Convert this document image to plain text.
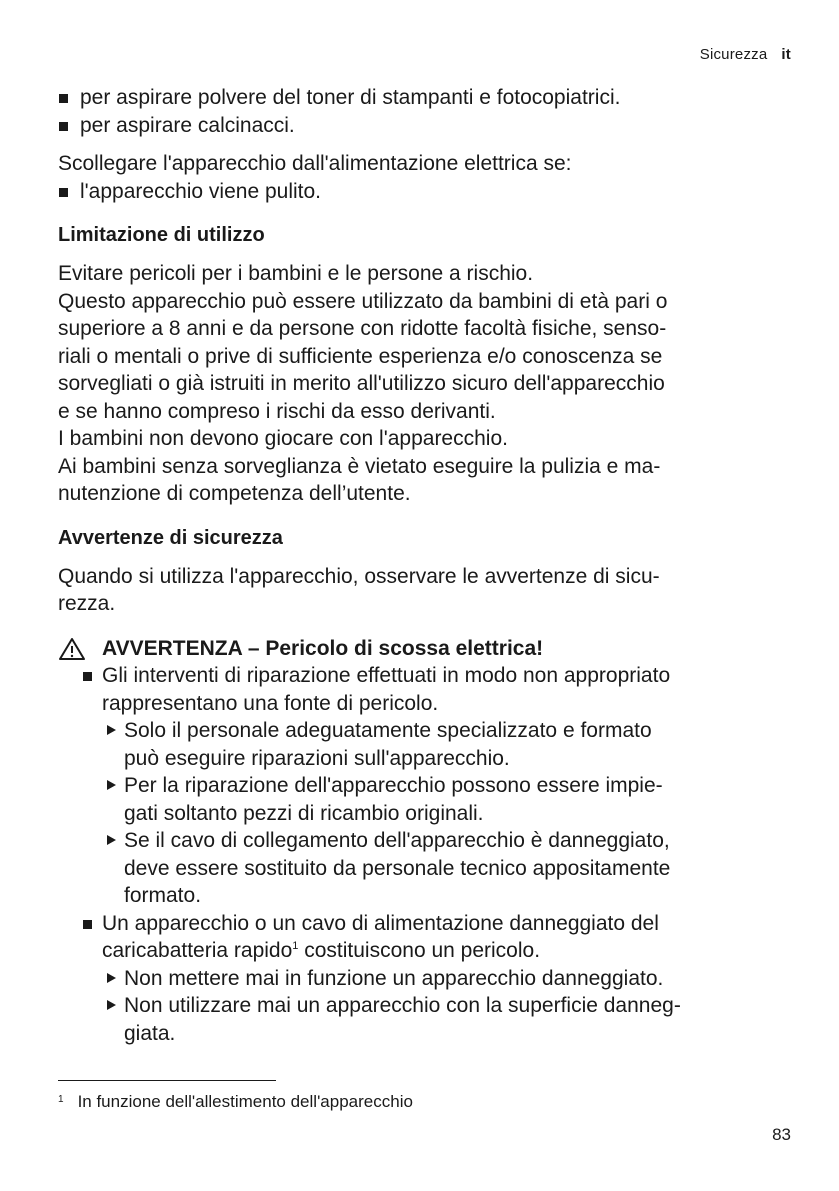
Sicurezza it
per aspirare polvere del toner di stampanti e fotocopiatrici.
per aspirare calcinacci.

Scollegare l'apparecchio dall'alimentazione elettrica se:

l'apparecchio viene pulito.
Limitazione di utilizzo
Evitare pericoli per i bambini e le persone a rischio.
Questo apparecchio può essere utilizzato da bambini di età pari o
superiore a 8 anni e da persone con ridotte facoltà fisiche, senso-
riali o mentali o prive di sufficiente esperienza e/o conoscenza se
sorvegliati o già istruiti in merito all'utilizzo sicuro dell'apparecchio
e se hanno compreso i rischi da esso derivanti.
I bambini non devono giocare con l'apparecchio.
Ai bambini senza sorveglianza è vietato eseguire la pulizia e ma-
nutenzione di competenza dell’utente.
Avvertenze di sicurezza
Quando si utilizza l'apparecchio, osservare le avvertenze di sicu-
rezza.
AVVERTENZA – Pericolo di scossa elettrica!
Gli interventi di riparazione effettuati in modo non appropriato
rappresentano una fonte di pericolo.
Solo il personale adeguatamente specializzato e formato
può eseguire riparazioni sull'apparecchio.
Per la riparazione dell'apparecchio possono essere impie-
gati soltanto pezzi di ricambio originali.
Se il cavo di collegamento dell'apparecchio è danneggiato,
deve essere sostituito da personale tecnico appositamente
formato.
Un apparecchio o un cavo di alimentazione danneggiato del
caricabatteria rapido$^1$ costituiscono un pericolo.
Non mettere mai in funzione un apparecchio danneggiato.
Non utilizzare mai un apparecchio con la superficie danneg-
giata.
$^1$ In funzione dell'allestimento dell'apparecchio
83
